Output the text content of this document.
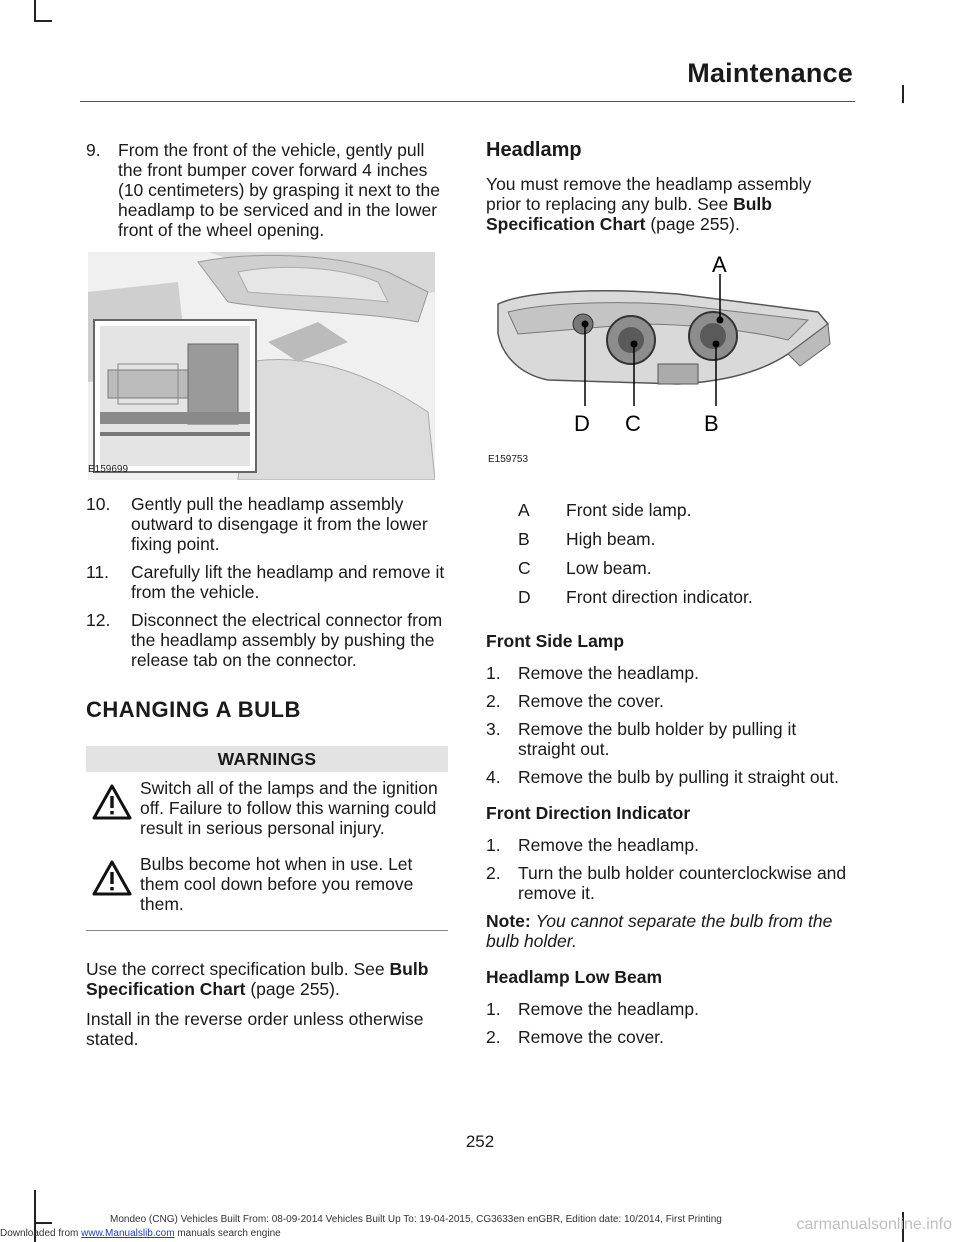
Maintenance
9. From the front of the vehicle, gently pull the front bumper cover forward 4 inches (10 centimeters) by grasping it next to the headlamp to be serviced and in the lower front of the wheel opening.
E159699
10. Gently pull the headlamp assembly outward to disengage it from the lower fixing point.
11. Carefully lift the headlamp and remove it from the vehicle.
12. Disconnect the electrical connector from the headlamp assembly by pushing the release tab on the connector.
CHANGING A BULB
WARNINGS
Switch all of the lamps and the ignition off. Failure to follow this warning could result in serious personal injury.
Bulbs become hot when in use. Let them cool down before you remove them.
Use the correct specification bulb. See Bulb Specification Chart (page 255).
Install in the reverse order unless otherwise stated.
Headlamp
You must remove the headlamp assembly prior to replacing any bulb. See Bulb Specification Chart (page 255).
A
B
C
D
E159753
A	Front side lamp.
B	High beam.
C	Low beam.
D	Front direction indicator.
Front Side Lamp
1. Remove the headlamp.
2. Remove the cover.
3. Remove the bulb holder by pulling it straight out.
4. Remove the bulb by pulling it straight out.
Front Direction Indicator
1. Remove the headlamp.
2. Turn the bulb holder counterclockwise and remove it.
Note: You cannot separate the bulb from the bulb holder.
Headlamp Low Beam
1. Remove the headlamp.
2. Remove the cover.
252
Downloaded from www.Manualslib.com manuals search engine
Mondeo (CNG) Vehicles Built From: 08-09-2014 Vehicles Built Up To: 19-04-2015, CG3633en enGBR, Edition date: 10/2014, First Printing	carmanualsonline.info
